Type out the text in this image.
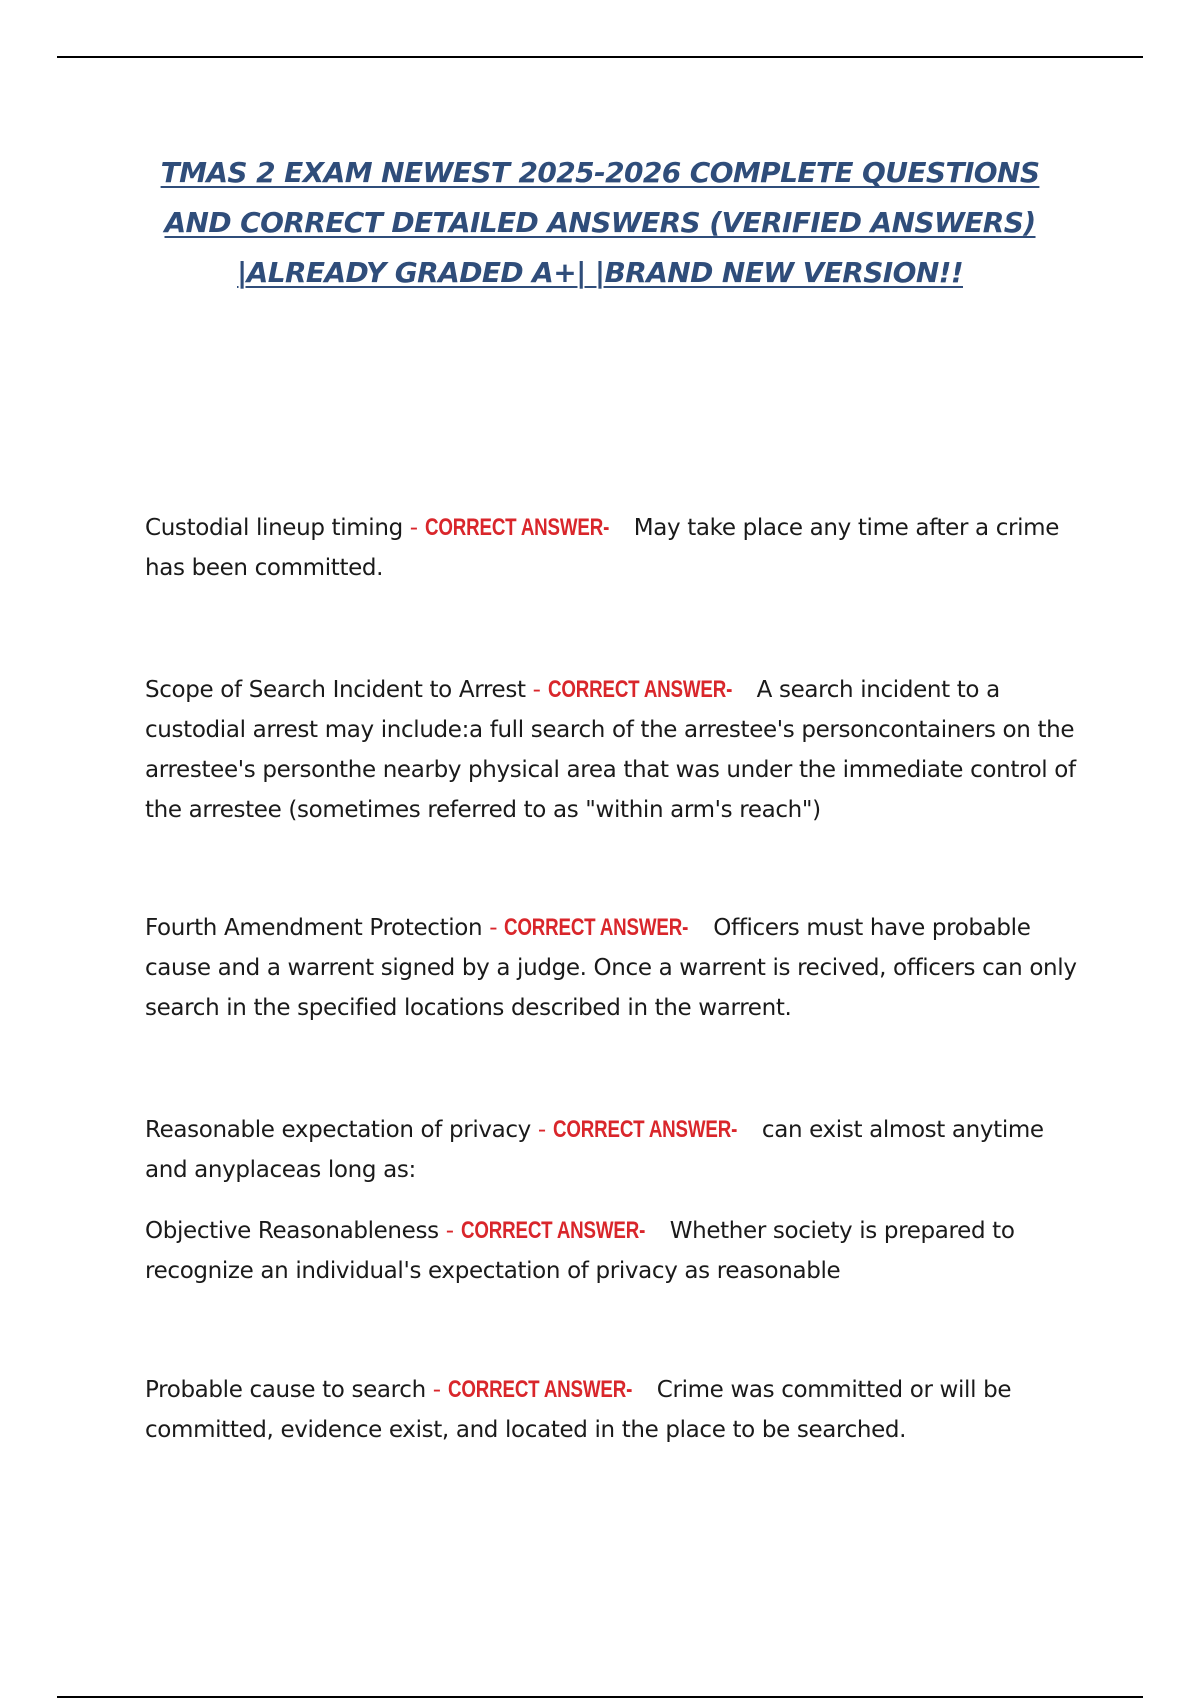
TMAS 2 EXAM NEWEST 2025-2026 COMPLETE QUESTIONS
AND CORRECT DETAILED ANSWERS (VERIFIED ANSWERS)
|ALREADY GRADED A+| |BRAND NEW VERSION!!
Custodial lineup timing - CORRECT ANSWER- May take place any time after a crime has been committed.
Scope of Search Incident to Arrest - CORRECT ANSWER- A search incident to a custodial arrest may include:a full search of the arrestee's personcontainers on the arrestee's personthe nearby physical area that was under the immediate control of the arrestee (sometimes referred to as "within arm's reach")
Fourth Amendment Protection - CORRECT ANSWER- Officers must have probable cause and a warrent signed by a judge. Once a warrent is recived, officers can only search in the specified locations described in the warrent.
Reasonable expectation of privacy - CORRECT ANSWER- can exist almost anytime and anyplaceas long as:
Objective Reasonableness - CORRECT ANSWER- Whether society is prepared to recognize an individual's expectation of privacy as reasonable
Probable cause to search - CORRECT ANSWER- Crime was committed or will be committed, evidence exist, and located in the place to be searched.
